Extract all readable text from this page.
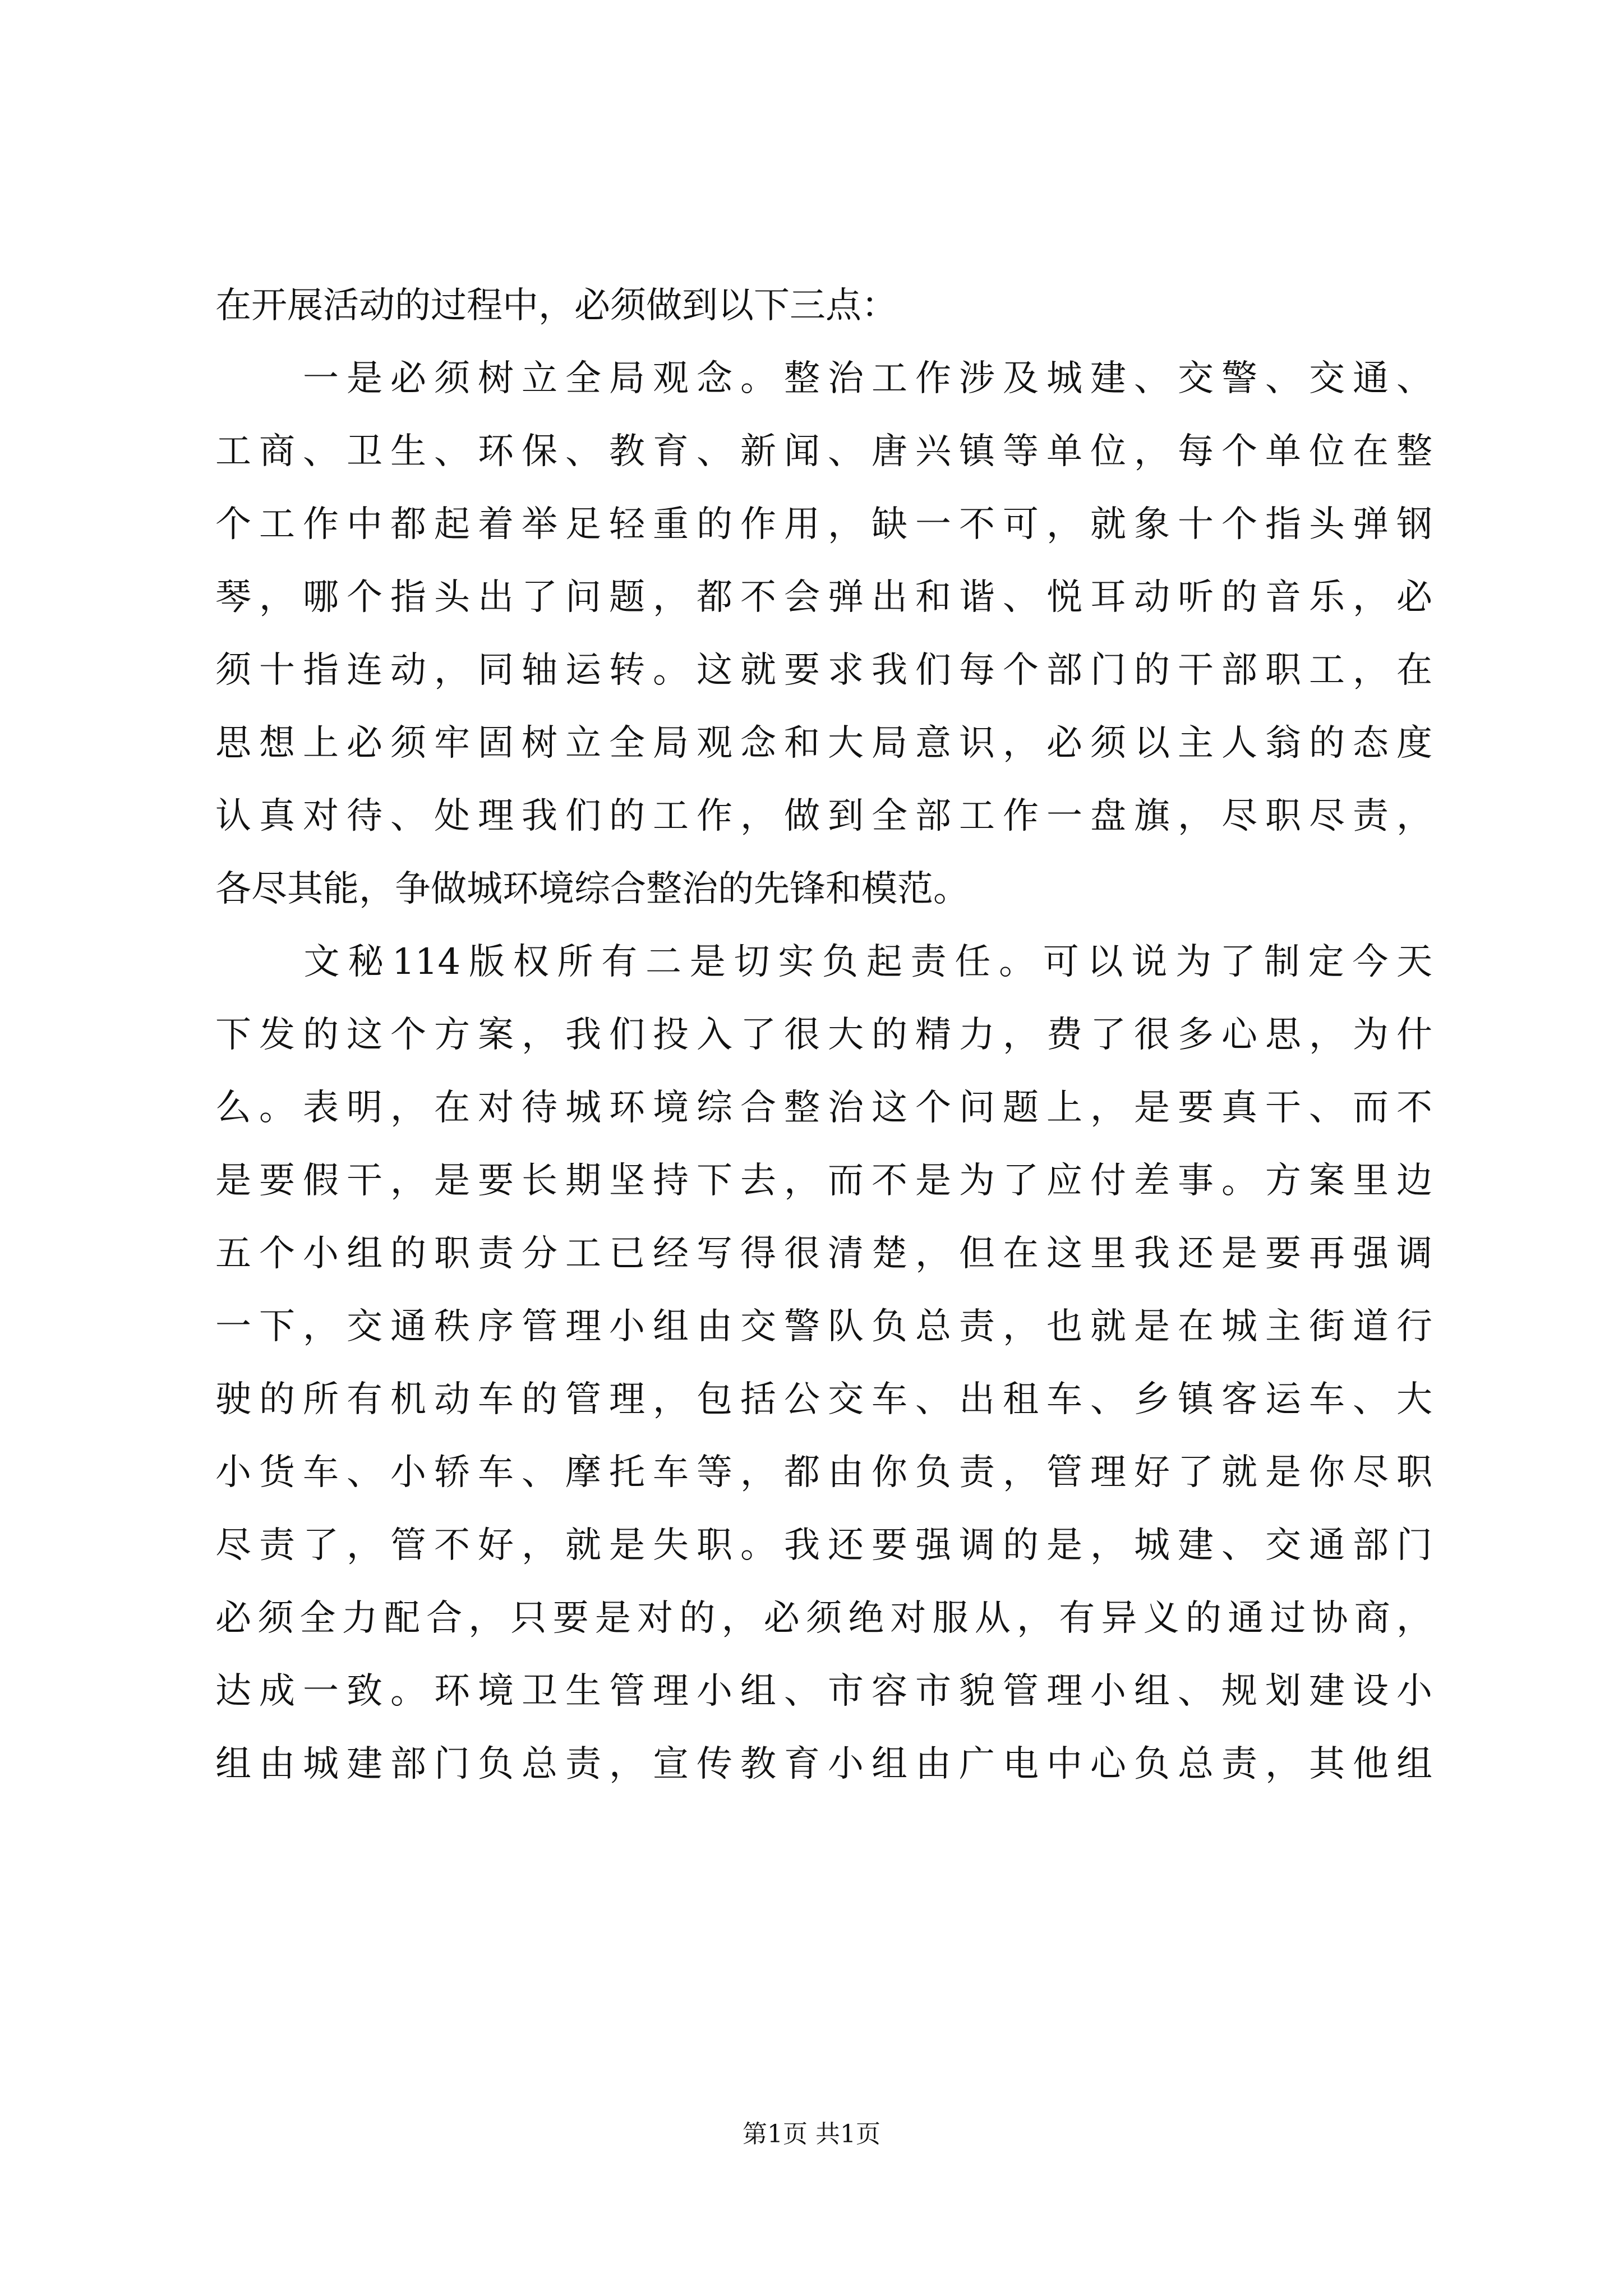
在开展活动的过程中，必须做到以下三点：
　　一是必须树立全局观念。整治工作涉及城建、交警、交通、
工商、卫生、环保、教育、新闻、唐兴镇等单位，每个单位在整
个工作中都起着举足轻重的作用，缺一不可，就象十个指头弹钢
琴，哪个指头出了问题，都不会弹出和谐、悦耳动听的音乐，必
须十指连动，同轴运转。这就要求我们每个部门的干部职工，在
思想上必须牢固树立全局观念和大局意识，必须以主人翁的态度
认真对待、处理我们的工作，做到全部工作一盘旗，尽职尽责，
各尽其能，争做城环境综合整治的先锋和模范。
　　文秘114版权所有二是切实负起责任。可以说为了制定今天
下发的这个方案，我们投入了很大的精力，费了很多心思，为什
么。表明，在对待城环境综合整治这个问题上，是要真干、而不
是要假干，是要长期坚持下去，而不是为了应付差事。方案里边
五个小组的职责分工已经写得很清楚，但在这里我还是要再强调
一下，交通秩序管理小组由交警队负总责，也就是在城主街道行
驶的所有机动车的管理，包括公交车、出租车、乡镇客运车、大
小货车、小轿车、摩托车等，都由你负责，管理好了就是你尽职
尽责了，管不好，就是失职。我还要强调的是，城建、交通部门
必须全力配合，只要是对的，必须绝对服从，有异义的通过协商，
达成一致。环境卫生管理小组、市容市貌管理小组、规划建设小
组由城建部门负总责，宣传教育小组由广电中心负总责，其他组
第1页 共1页
